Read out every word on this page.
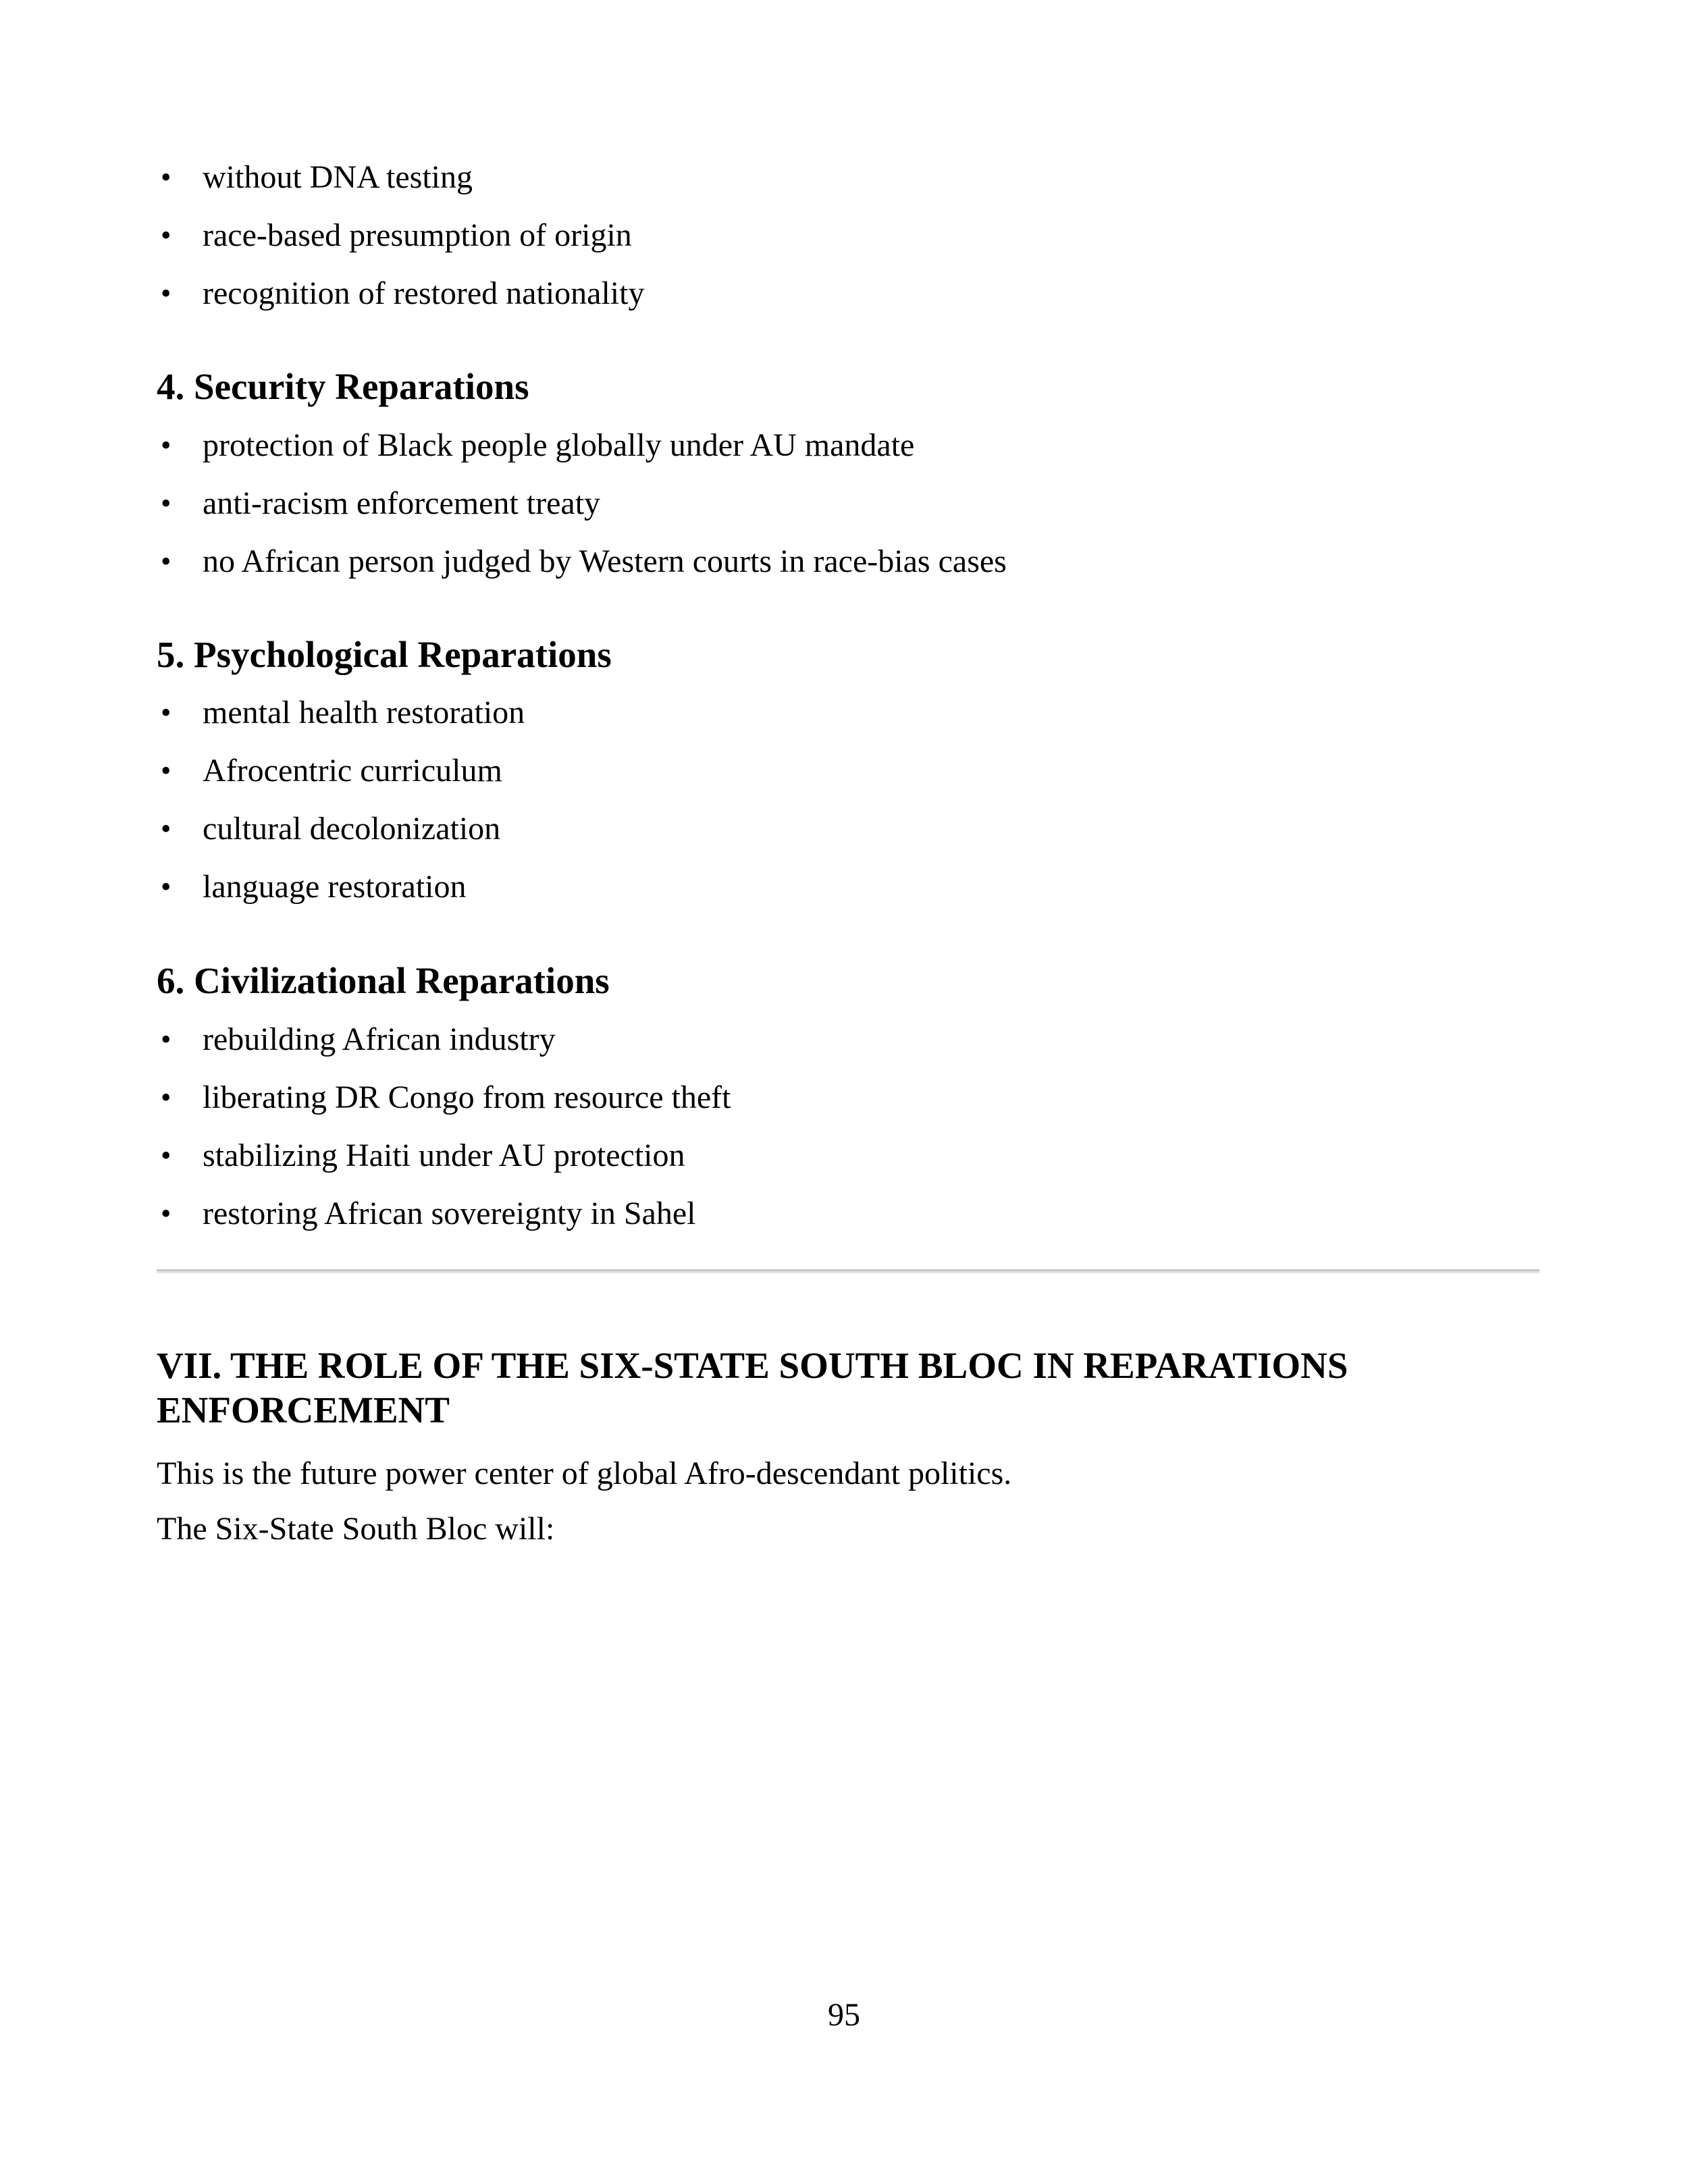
• without DNA testing
• race-based presumption of origin
• recognition of restored nationality
4. Security Reparations
• protection of Black people globally under AU mandate
• anti-racism enforcement treaty
• no African person judged by Western courts in race-bias cases
5. Psychological Reparations
• mental health restoration
• Afrocentric curriculum
• cultural decolonization
• language restoration
6. Civilizational Reparations
• rebuilding African industry
• liberating DR Congo from resource theft
• stabilizing Haiti under AU protection
• restoring African sovereignty in Sahel
VII. THE ROLE OF THE SIX-STATE SOUTH BLOC IN REPARATIONS ENFORCEMENT

This is the future power center of global Afro-descendant politics.

The Six-State South Bloc will:

95
